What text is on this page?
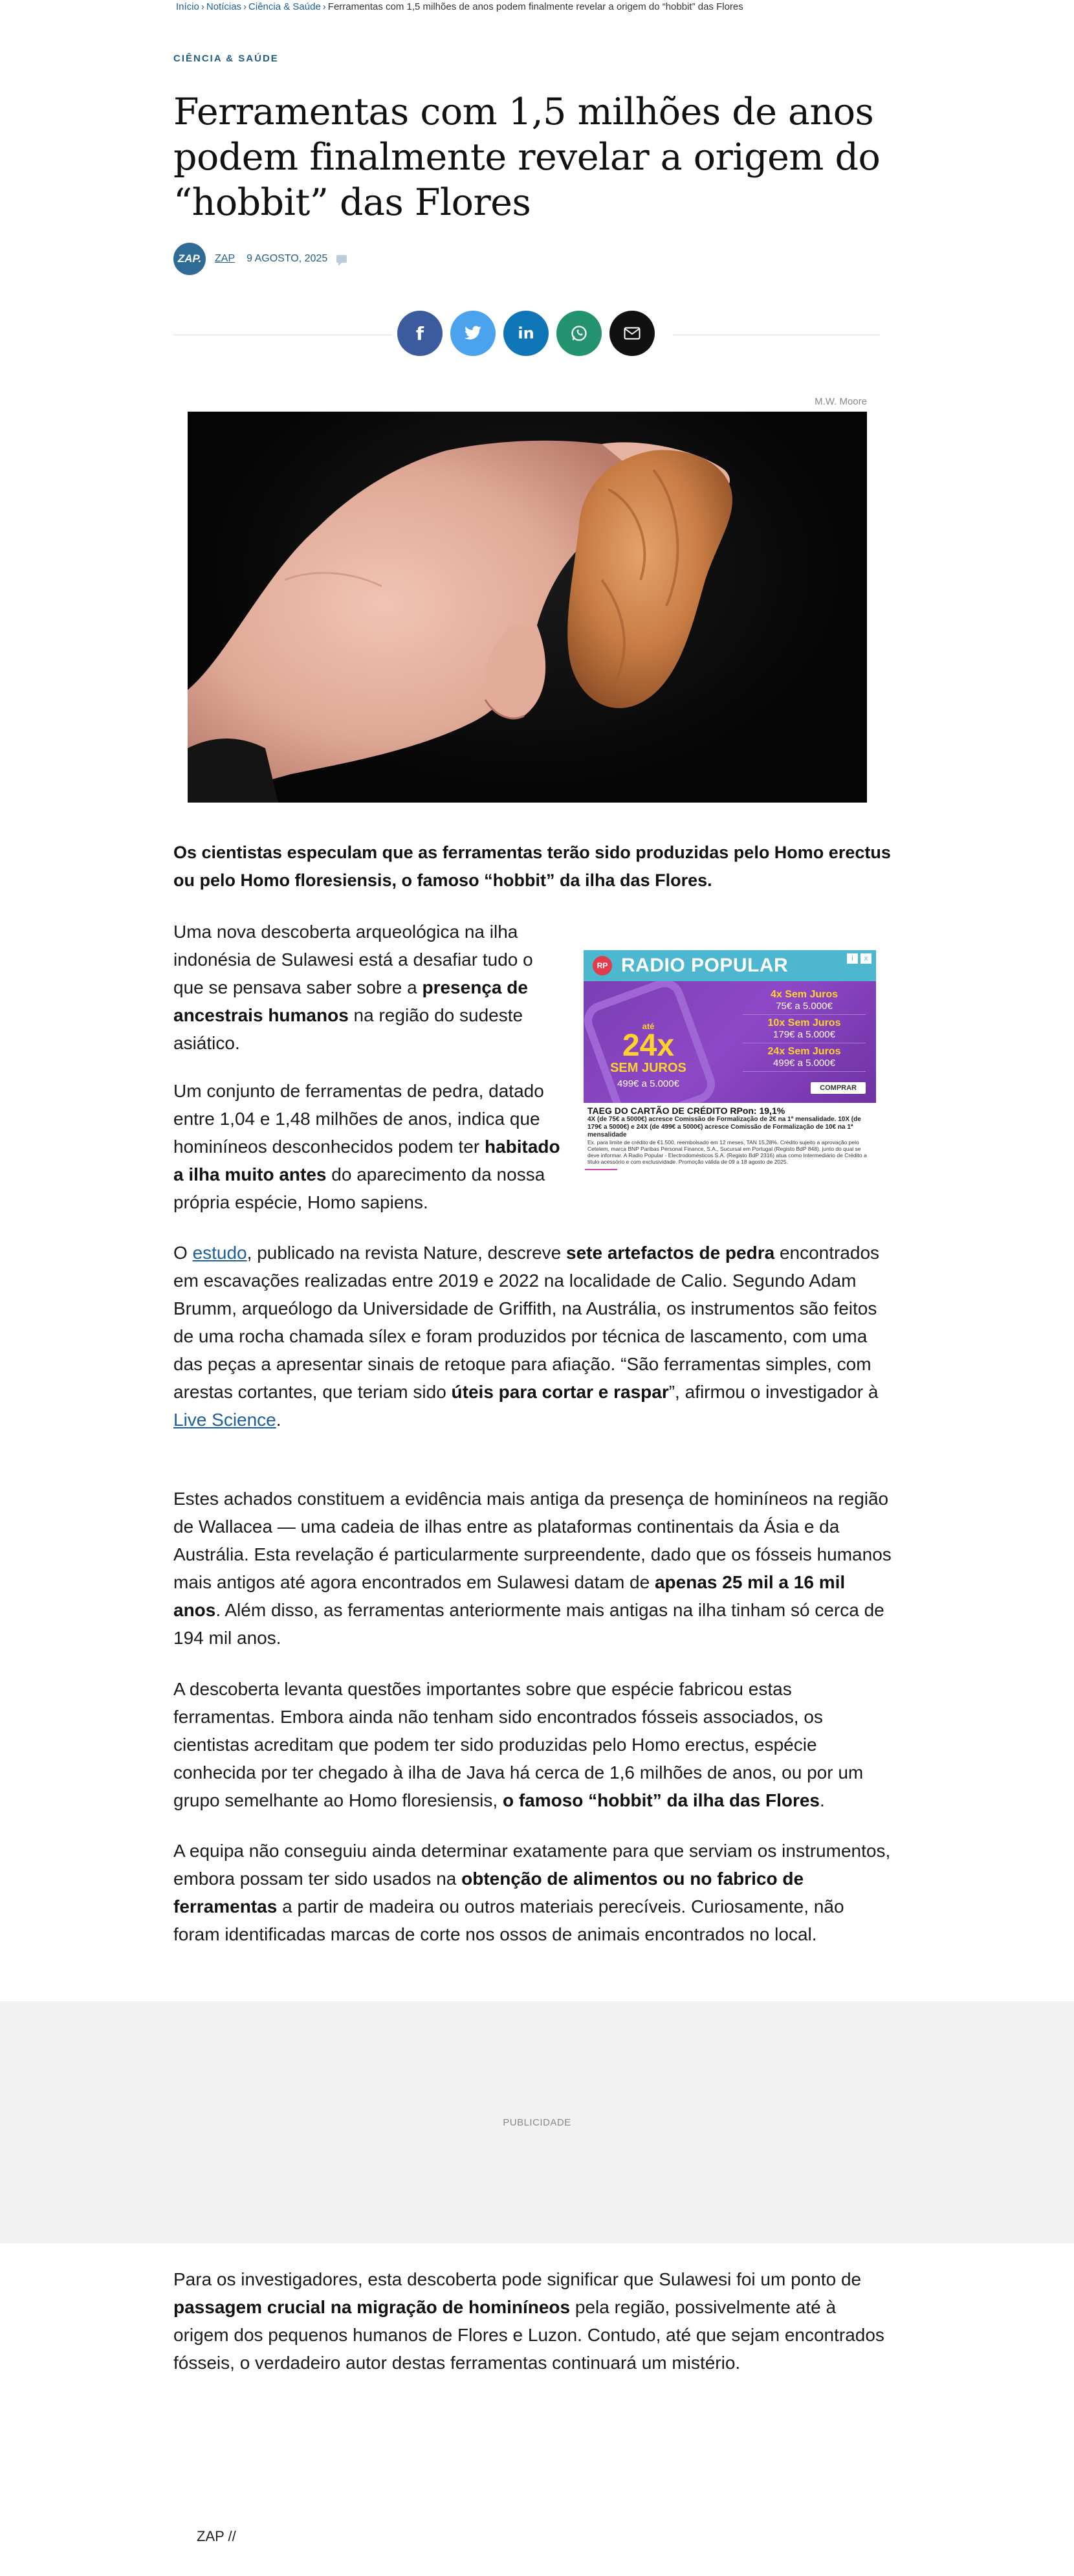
Início › Notícias › Ciência & Saúde › Ferramentas com 1,5 milhões de anos podem finalmente revelar a origem do “hobbit” das Flores
CIÊNCIA & SAÚDE
Ferramentas com 1,5 milhões de anos podem finalmente revelar a origem do “hobbit” das Flores
ZAP.	ZAP 9 AGOSTO, 2025
f	in
M.W. Moore

Os cientistas especulam que as ferramentas terão sido produzidas pelo Homo erectus ou pelo Homo floresiensis, o famoso “hobbit” da ilha das Flores.

Uma nova descoberta arqueológica na ilha indonésia de Sulawesi está a desafiar tudo o que se pensava saber sobre a presença de ancestrais humanos na região do sudeste asiático.

RP RADIO POPULAR	i	x
até
24x
SEM JUROS
499€ a 5.000€
4x Sem Juros
75€ a 5.000€
10x Sem Juros
179€ a 5.000€
24x Sem Juros
499€ a 5.000€
COMPRAR
TAEG DO CARTÃO DE CRÉDITO RPon: 19,1%
4X (de 75€ a 5000€) acresce Comissão de Formalização de 2€ na 1ª mensalidade. 10X (de 179€ a 5000€) e 24X (de 499€ a 5000€) acresce Comissão de Formalização de 10€ na 1ª mensalidade
Ex. para limite de crédito de €1.500, reembolsado em 12 meses, TAN 15,28%. Crédito sujeito a aprovação pelo Cetelem, marca BNP Paribas Personal Finance, S.A., Sucursal em Portugal (Registo BdP 848), junto do qual se deve informar. A Radio Popular - Electrodomésticos S.A. (Registo BdP 2316) atua como Intermediário de Crédito a título acessório e com exclusividade. Promoção válida de 09 a 18 agosto de 2025.

Um conjunto de ferramentas de pedra, datado entre 1,04 e 1,48 milhões de anos, indica que hominíneos desconhecidos podem ter habitado a ilha muito antes do aparecimento da nossa própria espécie, Homo sapiens.

O estudo, publicado na revista Nature, descreve sete artefactos de pedra encontrados em escavações realizadas entre 2019 e 2022 na localidade de Calio. Segundo Adam Brumm, arqueólogo da Universidade de Griffith, na Austrália, os instrumentos são feitos de uma rocha chamada sílex e foram produzidos por técnica de lascamento, com uma das peças a apresentar sinais de retoque para afiação. “São ferramentas simples, com arestas cortantes, que teriam sido úteis para cortar e raspar”, afirmou o investigador à Live Science.

Estes achados constituem a evidência mais antiga da presença de hominíneos na região de Wallacea — uma cadeia de ilhas entre as plataformas continentais da Ásia e da Austrália. Esta revelação é particularmente surpreendente, dado que os fósseis humanos mais antigos até agora encontrados em Sulawesi datam de apenas 25 mil a 16 mil anos. Além disso, as ferramentas anteriormente mais antigas na ilha tinham só cerca de 194 mil anos.

A descoberta levanta questões importantes sobre que espécie fabricou estas ferramentas. Embora ainda não tenham sido encontrados fósseis associados, os cientistas acreditam que podem ter sido produzidas pelo Homo erectus, espécie conhecida por ter chegado à ilha de Java há cerca de 1,6 milhões de anos, ou por um grupo semelhante ao Homo floresiensis, o famoso “hobbit” da ilha das Flores.

A equipa não conseguiu ainda determinar exatamente para que serviam os instrumentos, embora possam ter sido usados na obtenção de alimentos ou no fabrico de ferramentas a partir de madeira ou outros materiais perecíveis. Curiosamente, não foram identificadas marcas de corte nos ossos de animais encontrados no local.

PUBLICIDADE

Para os investigadores, esta descoberta pode significar que Sulawesi foi um ponto de passagem crucial na migração de hominíneos pela região, possivelmente até à origem dos pequenos humanos de Flores e Luzon. Contudo, até que sejam encontrados fósseis, o verdadeiro autor destas ferramentas continuará um mistério.

ZAP //
